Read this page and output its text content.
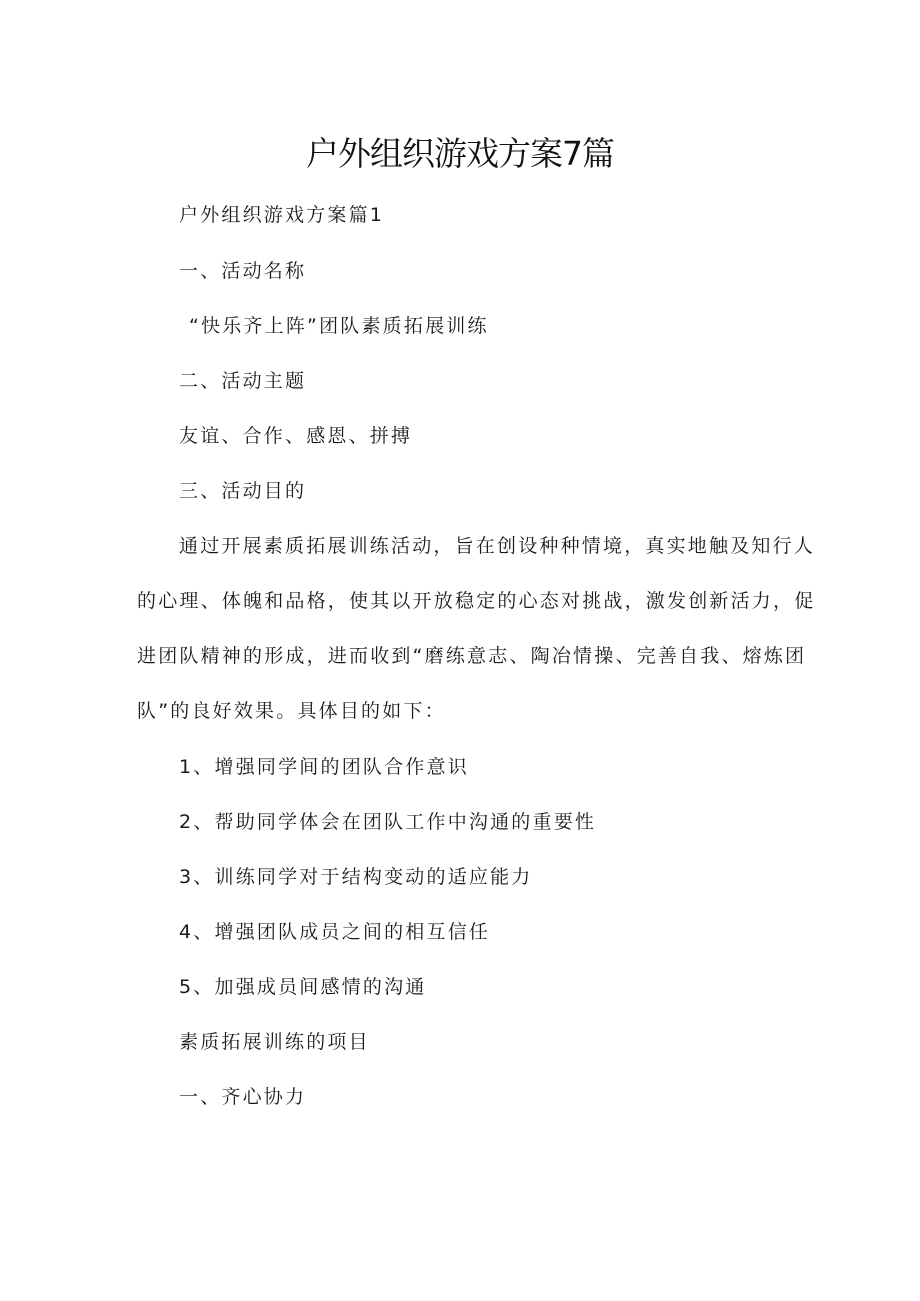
户外组织游戏方案7篇

户外组织游戏方案篇1

一、活动名称

“快乐齐上阵”团队素质拓展训练

二、活动主题

友谊、合作、感恩、拼搏

三、活动目的

通过开展素质拓展训练活动，旨在创设种种情境，真实地触及知行人
的心理、体魄和品格，使其以开放稳定的心态对挑战，激发创新活力，促
进团队精神的形成，进而收到“磨练意志、陶冶情操、完善自我、熔炼团
队”的良好效果。具体目的如下：

1、增强同学间的团队合作意识

2、帮助同学体会在团队工作中沟通的重要性

3、训练同学对于结构变动的适应能力

4、增强团队成员之间的相互信任

5、加强成员间感情的沟通

素质拓展训练的项目

一、齐心协力
